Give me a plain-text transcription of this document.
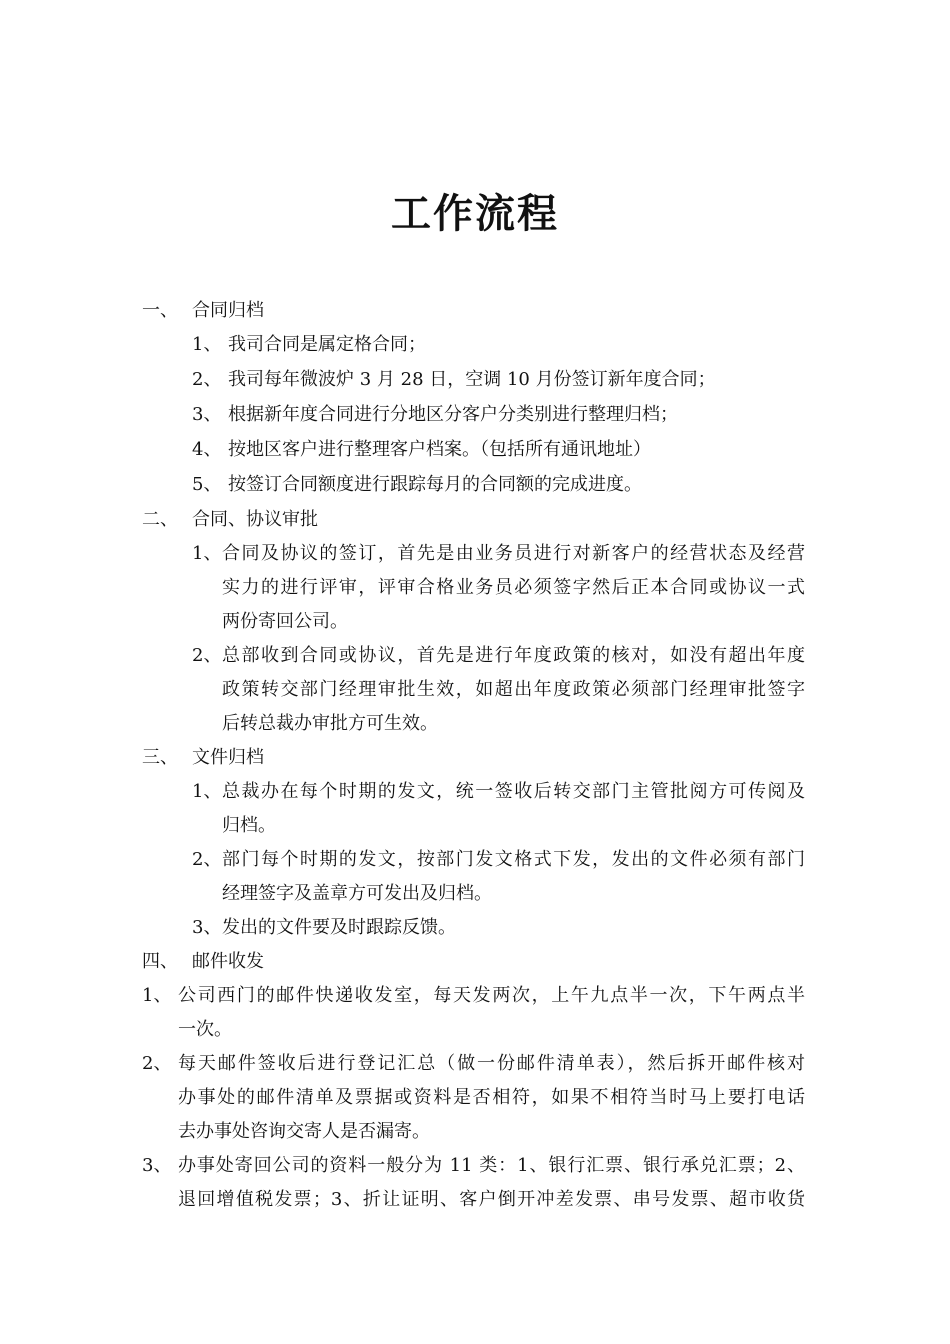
工作流程
一、 合同归档
1、 我司合同是属定格合同；
2、 我司每年微波炉 3 月 28 日，空调 10 月份签订新年度合同；
3、 根据新年度合同进行分地区分客户分类别进行整理归档；
4、 按地区客户进行整理客户档案。（包括所有通讯地址）
5、 按签订合同额度进行跟踪每月的合同额的完成进度。
二、 合同、协议审批
1、 合同及协议的签订，首先是由业务员进行对新客户的经营状态及经营
实力的进行评审，评审合格业务员必须签字然后正本合同或协议一式
两份寄回公司。
2、 总部收到合同或协议，首先是进行年度政策的核对，如没有超出年度
政策转交部门经理审批生效，如超出年度政策必须部门经理审批签字
后转总裁办审批方可生效。
三、 文件归档
1、 总裁办在每个时期的发文，统一签收后转交部门主管批阅方可传阅及
归档。
2、 部门每个时期的发文，按部门发文格式下发，发出的文件必须有部门
经理签字及盖章方可发出及归档。
3、 发出的文件要及时跟踪反馈。
四、 邮件收发
1、 公司西门的邮件快递收发室，每天发两次，上午九点半一次，下午两点半
一次。
2、 每天邮件签收后进行登记汇总（做一份邮件清单表），然后拆开邮件核对
办事处的邮件清单及票据或资料是否相符，如果不相符当时马上要打电话
去办事处咨询交寄人是否漏寄。
3、 办事处寄回公司的资料一般分为 11 类：1、银行汇票、银行承兑汇票；2、
退回增值税发票；3、折让证明、客户倒开冲差发票、串号发票、超市收货
